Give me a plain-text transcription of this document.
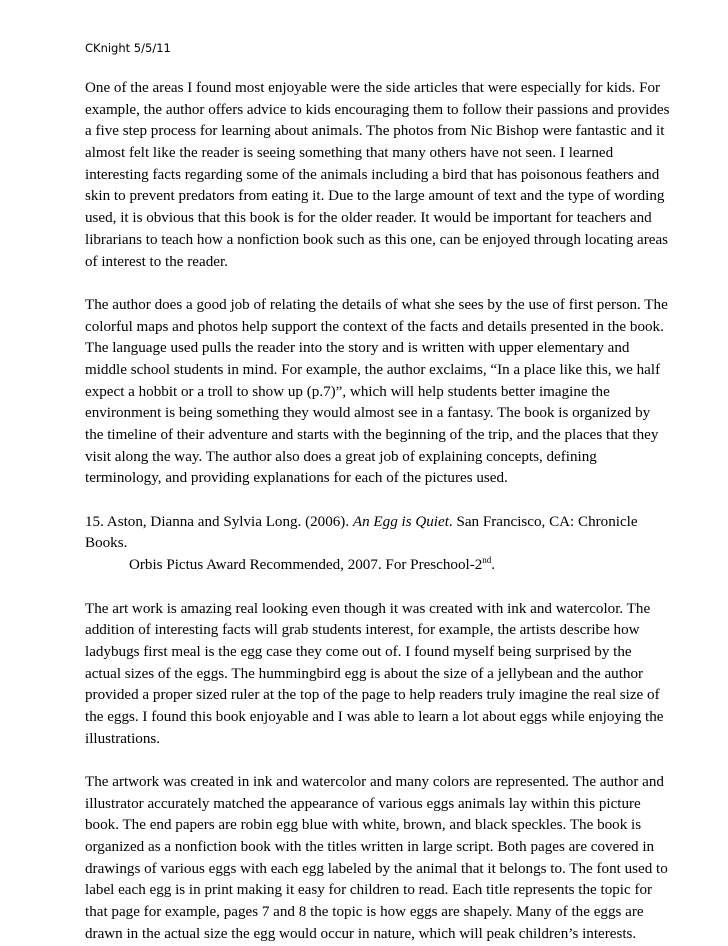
CKnight 5/5/11
One of the areas I found most enjoyable were the side articles that were especially for kids. For
example, the author offers advice to kids encouraging them to follow their passions and provides
a five step process for learning about animals. The photos from Nic Bishop were fantastic and it
almost felt like the reader is seeing something that many others have not seen. I learned
interesting facts regarding some of the animals including a bird that has poisonous feathers and
skin to prevent predators from eating it. Due to the large amount of text and the type of wording
used, it is obvious that this book is for the older reader. It would be important for teachers and
librarians to teach how a nonfiction book such as this one, can be enjoyed through locating areas
of interest to the reader.
The author does a good job of relating the details of what she sees by the use of first person. The
colorful maps and photos help support the context of the facts and details presented in the book.
The language used pulls the reader into the story and is written with upper elementary and
middle school students in mind. For example, the author exclaims, “In a place like this, we half
expect a hobbit or a troll to show up (p.7)”, which will help students better imagine the
environment is being something they would almost see in a fantasy. The book is organized by
the timeline of their adventure and starts with the beginning of the trip, and the places that they
visit along the way. The author also does a great job of explaining concepts, defining
terminology, and providing explanations for each of the pictures used.
15. Aston, Dianna and Sylvia Long. (2006). An Egg is Quiet. San Francisco, CA: Chronicle
Books.
Orbis Pictus Award Recommended, 2007. For Preschool-2nd.
The art work is amazing real looking even though it was created with ink and watercolor. The
addition of interesting facts will grab students interest, for example, the artists describe how
ladybugs first meal is the egg case they come out of. I found myself being surprised by the
actual sizes of the eggs. The hummingbird egg is about the size of a jellybean and the author
provided a proper sized ruler at the top of the page to help readers truly imagine the real size of
the eggs. I found this book enjoyable and I was able to learn a lot about eggs while enjoying the
illustrations.
The artwork was created in ink and watercolor and many colors are represented. The author and
illustrator accurately matched the appearance of various eggs animals lay within this picture
book. The end papers are robin egg blue with white, brown, and black speckles. The book is
organized as a nonfiction book with the titles written in large script. Both pages are covered in
drawings of various eggs with each egg labeled by the animal that it belongs to. The font used to
label each egg is in print making it easy for children to read. Each title represents the topic for
that page for example, pages 7 and 8 the topic is how eggs are shapely. Many of the eggs are
drawn in the actual size the egg would occur in nature, which will peak children’s interests.
